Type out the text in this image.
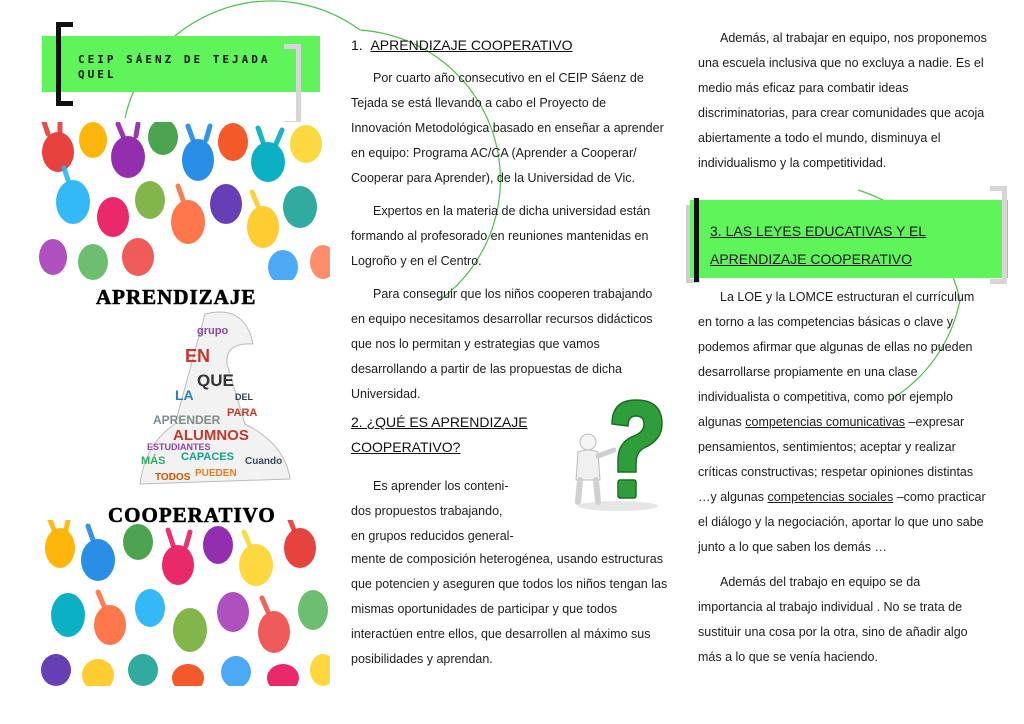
CEIP SÁENZ DE TEJADA QUEL
grupo
EN
QUE
LA
ALUMNOS
CAPACES
TODOS
APRENDER PARA
DEL
ESTUDIANTES
MÁS
PUEDEN
Cuando
APRENDIZAJE
COOPERATIVO
1. APRENDIZAJE COOPERATIVO

Por cuarto año consecutivo en el CEIP Sáenz de Tejada se está llevando a cabo el Proyecto de Innovación Metodológica basado en enseñar a aprender en equipo: Programa AC/CA (Aprender a Cooperar/ Cooperar para Aprender), de la Universidad de Vic.

Expertos en la materia de dicha universidad están formando al profesorado en reuniones mantenidas en Logroño y en el Centro.

Para conseguir que los niños cooperen trabajando en equipo necesitamos desarrollar recursos didácticos que nos lo permitan y estrategias que vamos desarrollando a partir de las propuestas de dicha Universidad.

2. ¿QUÉ ES APRENDIZAJE
COOPERATIVO?
Es aprender los conteni-
dos propuestos trabajando,
en grupos reducidos general-
mente de composición heterogénea, usando estructuras que potencien y aseguren que todos los niños tengan las mismas oportunidades de participar y que todos interactúen entre ellos, que desarrollen al máximo sus posibilidades y aprendan.
Además, al trabajar en equipo, nos proponemos una escuela inclusiva que no excluya a nadie. Es el medio más eficaz para combatir ideas discriminatorias, para crear comunidades que acoja abiertamente a todo el mundo, disminuya el individualismo y la competitividad.
3. LAS LEYES EDUCATIVAS Y EL
APRENDIZAJE COOPERATIVO

La LOE y la LOMCE estructuran el currículum en torno a las competencias básicas o clave y podemos afirmar que algunas de ellas no pueden desarrollarse propiamente en una clase individualista o competitiva, como por ejemplo algunas competencias comunicativas –expresar pensamientos, sentimientos; aceptar y realizar críticas constructivas; respetar opiniones distintas …y algunas competencias sociales –como practicar el diálogo y la negociación, aportar lo que uno sabe junto a lo que saben los demás …

Además del trabajo en equipo se da importancia al trabajo individual . No se trata de sustituir una cosa por la otra, sino de añadir algo más a lo que se venía haciendo.
